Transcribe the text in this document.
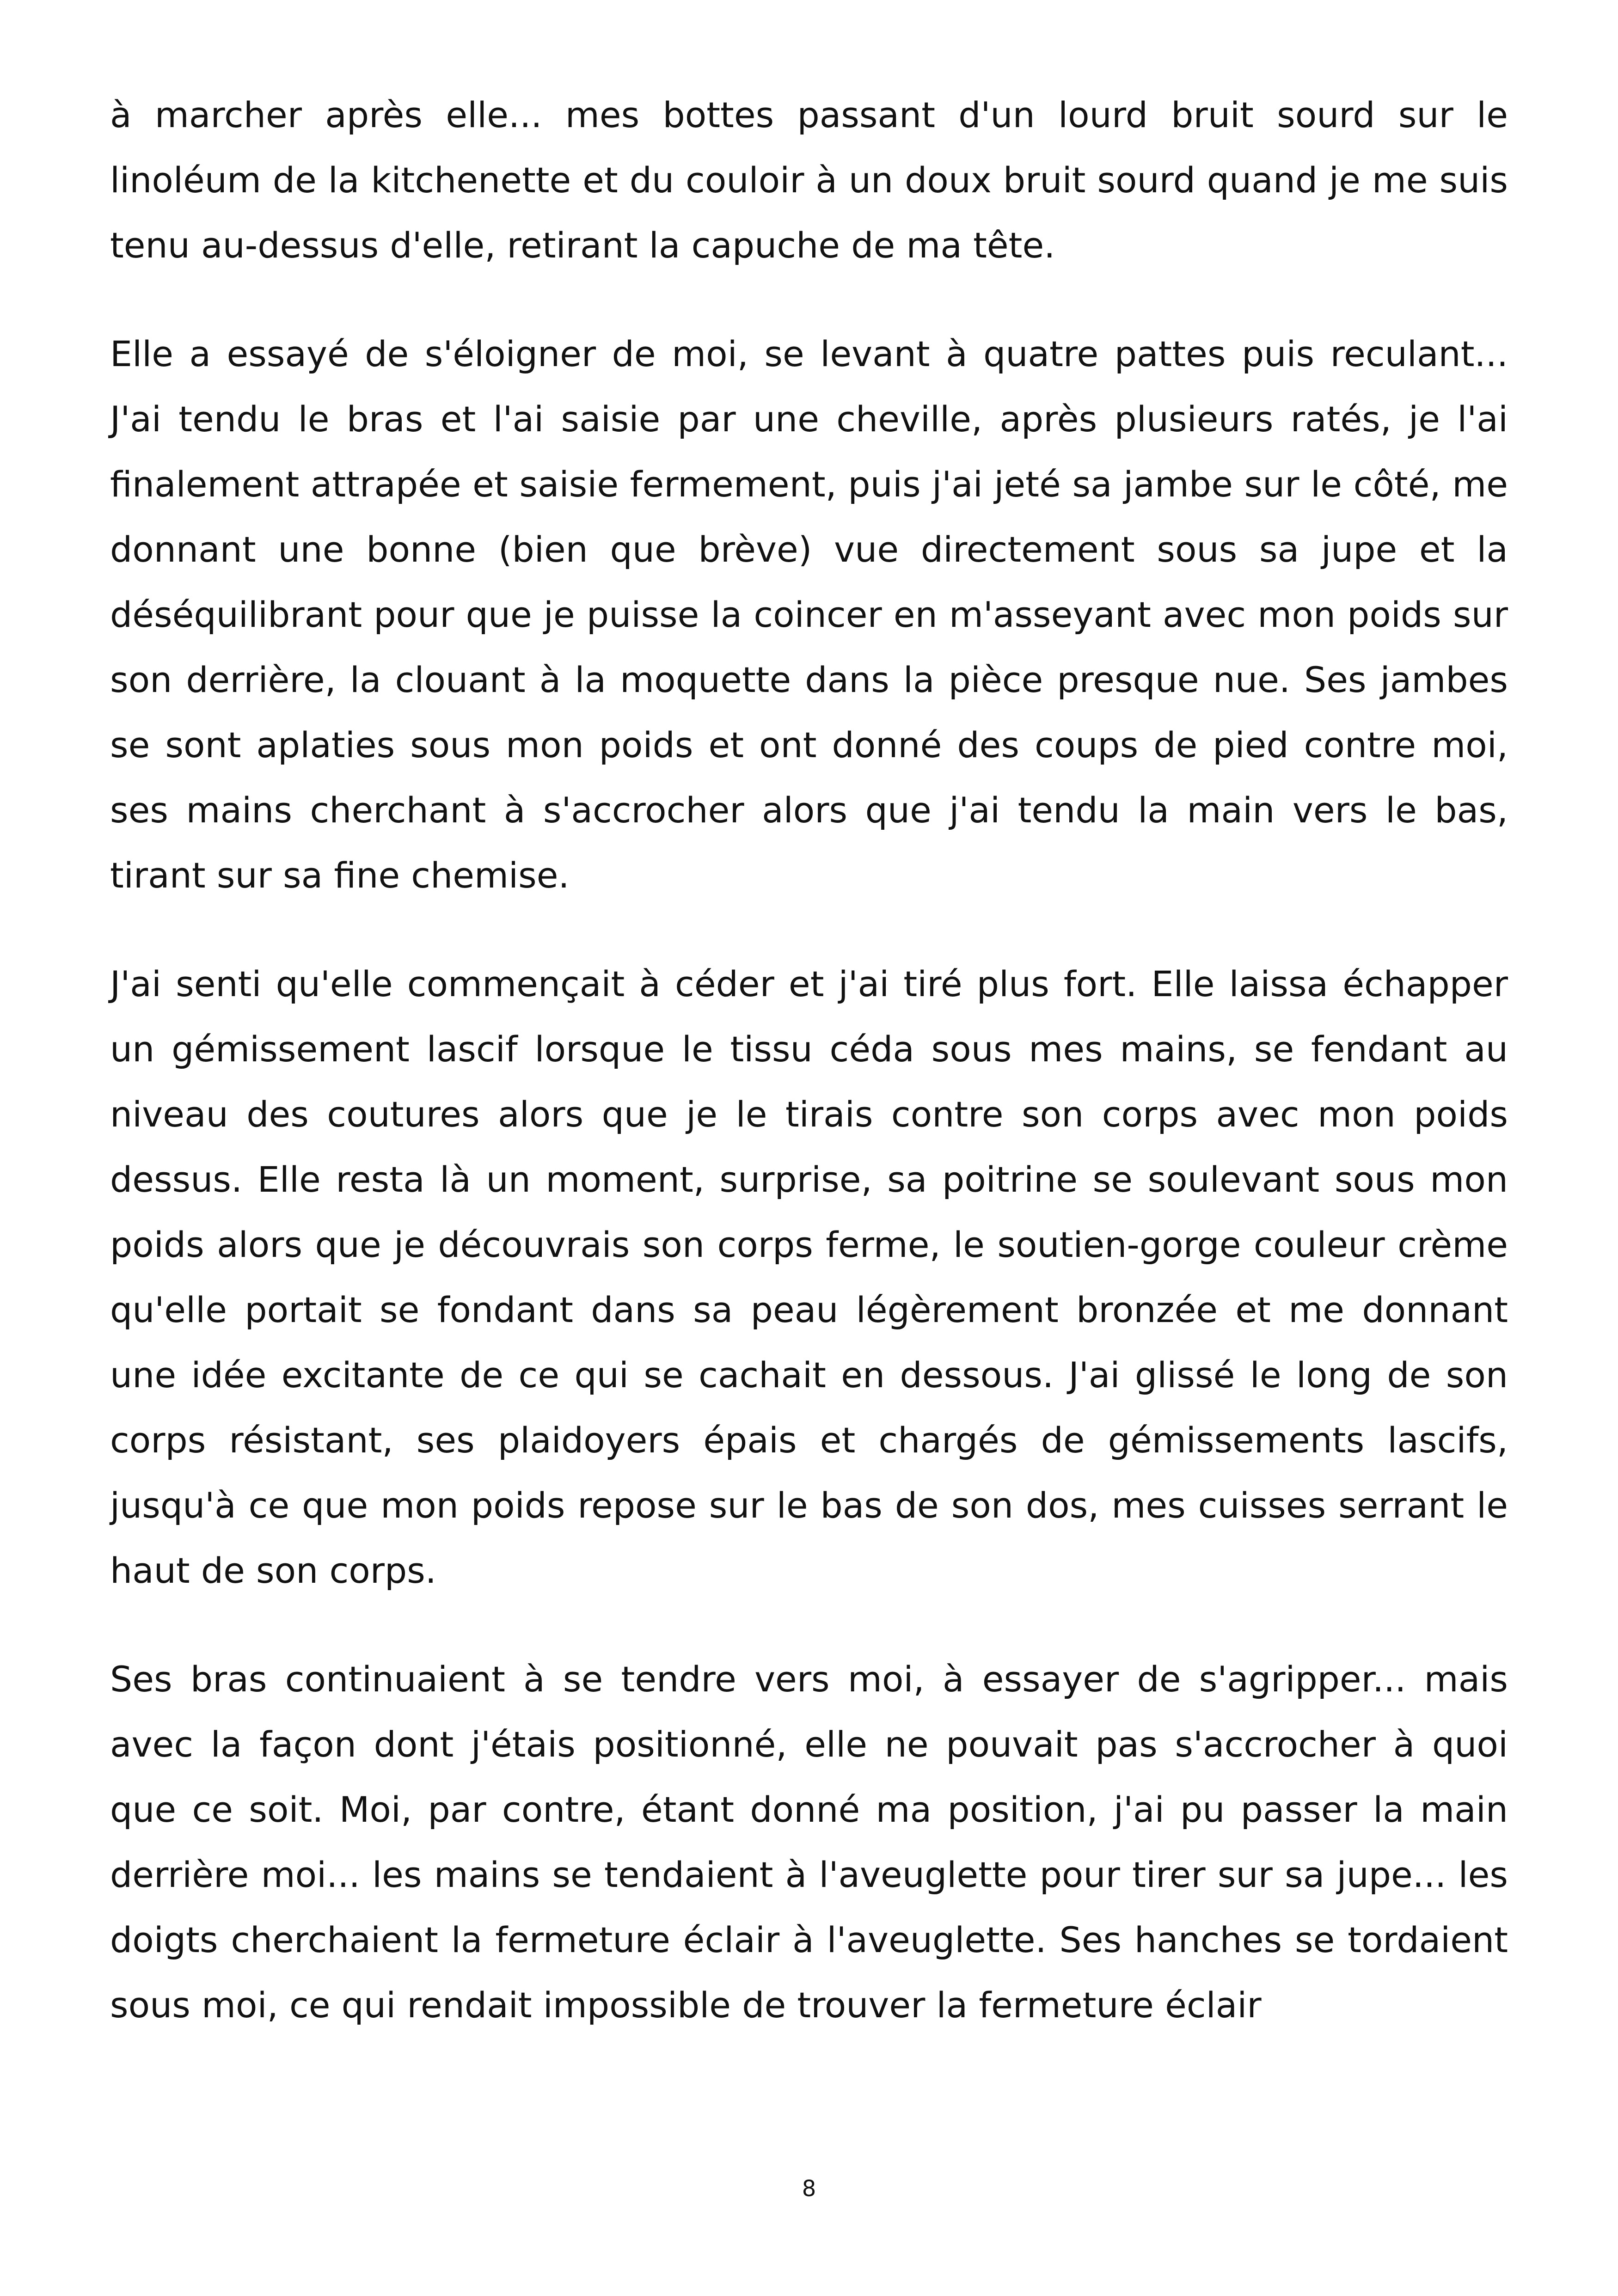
à marcher après elle... mes bottes passant d'un lourd bruit sourd sur le linoléum de la kitchenette et du couloir à un doux bruit sourd quand je me suis tenu au-dessus d'elle, retirant la capuche de ma tête.

Elle a essayé de s'éloigner de moi, se levant à quatre pattes puis reculant... J'ai tendu le bras et l'ai saisie par une cheville, après plusieurs ratés, je l'ai finalement attrapée et saisie fermement, puis j'ai jeté sa jambe sur le côté, me donnant une bonne (bien que brève) vue directement sous sa jupe et la déséquilibrant pour que je puisse la coincer en m'asseyant avec mon poids sur son derrière, la clouant à la moquette dans la pièce presque nue. Ses jambes se sont aplaties sous mon poids et ont donné des coups de pied contre moi, ses mains cherchant à s'accrocher alors que j'ai tendu la main vers le bas, tirant sur sa fine chemise.

J'ai senti qu'elle commençait à céder et j'ai tiré plus fort. Elle laissa échapper un gémissement lascif lorsque le tissu céda sous mes mains, se fendant au niveau des coutures alors que je le tirais contre son corps avec mon poids dessus. Elle resta là un moment, surprise, sa poitrine se soulevant sous mon poids alors que je découvrais son corps ferme, le soutien-gorge couleur crème qu'elle portait se fondant dans sa peau légèrement bronzée et me donnant une idée excitante de ce qui se cachait en dessous. J'ai glissé le long de son corps résistant, ses plaidoyers épais et chargés de gémissements lascifs, jusqu'à ce que mon poids repose sur le bas de son dos, mes cuisses serrant le haut de son corps.

Ses bras continuaient à se tendre vers moi, à essayer de s'agripper... mais avec la façon dont j'étais positionné, elle ne pouvait pas s'accrocher à quoi que ce soit. Moi, par contre, étant donné ma position, j'ai pu passer la main derrière moi... les mains se tendaient à l'aveuglette pour tirer sur sa jupe... les doigts cherchaient la fermeture éclair à l'aveuglette. Ses hanches se tordaient sous moi, ce qui rendait impossible de trouver la fermeture éclair

8
